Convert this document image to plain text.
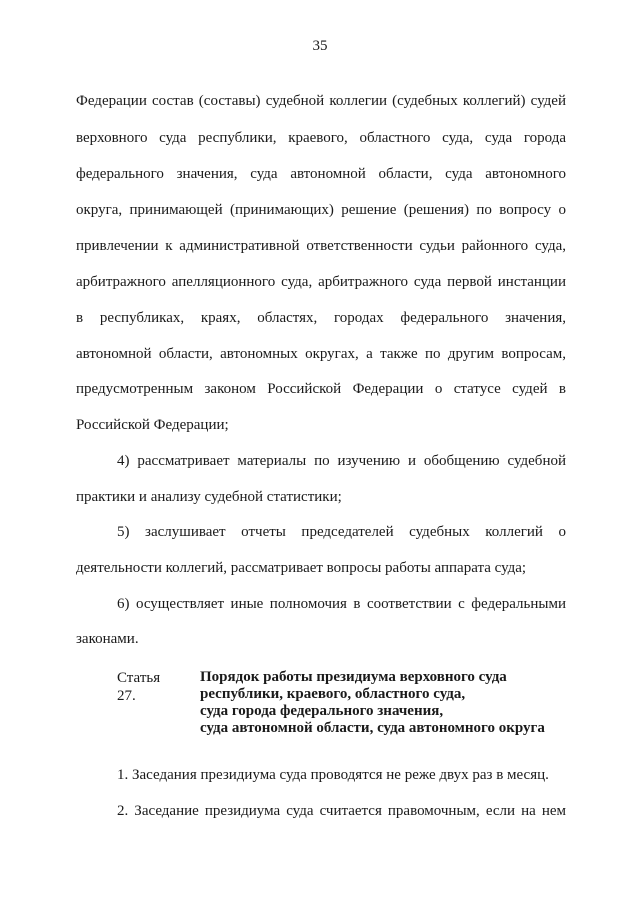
35
Федерации состав (составы) судебной коллегии (судебных коллегий) судей
верховного суда республики, краевого, областного суда, суда города
федерального значения, суда автономной области, суда автономного
округа, принимающей (принимающих) решение (решения) по вопросу о
привлечении к административной ответственности судьи районного суда,
арбитражного апелляционного суда, арбитражного суда первой инстанции
в республиках, краях, областях, городах федерального значения,
автономной области, автономных округах, а также по другим вопросам,
предусмотренным законом Российской Федерации о статусе судей в
Российской Федерации;
4) рассматривает материалы по изучению и обобщению судебной
практики и анализу судебной статистики;
5) заслушивает отчеты председателей судебных коллегий о
деятельности коллегий, рассматривает вопросы работы аппарата суда;
6) осуществляет иные полномочия в соответствии с федеральными
законами.
Статья 27.
Порядок работы президиума верховного суда
республики, краевого, областного суда,
суда города федерального значения,
суда автономной области, суда автономного округа
1. Заседания президиума суда проводятся не реже двух раз в месяц.
2. Заседание президиума суда считается правомочным, если на нем
